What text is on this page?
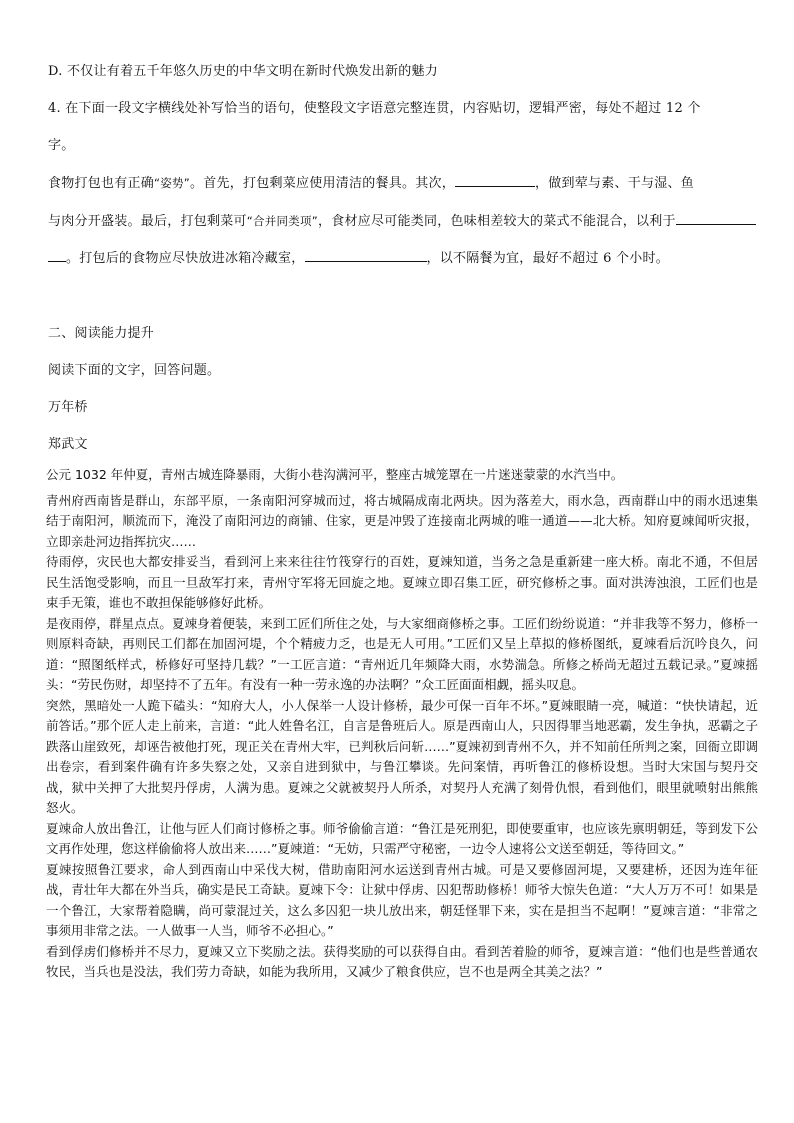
D. 不仅让有着五千年悠久历史的中华文明在新时代焕发出新的魅力
4. 在下面一段文字横线处补写恰当的语句，使整段文字语意完整连贯，内容贴切，逻辑严密，每处不超过 12 个
字。
食物打包也有正确“姿势”。首先，打包剩菜应使用清洁的餐具。其次，	，做到荤与素、干与湿、鱼
与肉分开盛装。最后，打包剩菜可“合并同类项”，食材应尽可能类同，色味相差较大的菜式不能混合，以利于
。打包后的食物应尽快放进冰箱冷藏室，	，以不隔餐为宜，最好不超过 6 个小时。
二、阅读能力提升
阅读下面的文字，回答问题。
万年桥
郑武文

公元 1032 年仲夏，青州古城连降暴雨，大街小巷沟满河平，整座古城笼罩在一片迷迷蒙蒙的水汽当中。

青州府西南皆是群山，东部平原，一条南阳河穿城而过，将古城隔成南北两块。因为落差大，雨水急，西南群山中的雨水迅速集结于南阳河，顺流而下，淹没了南阳河边的商铺、住家，更是冲毁了连接南北两城的唯一通道——北大桥。知府夏竦闻听灾报，立即亲赴河边指挥抗灾……

待雨停，灾民也大都安排妥当，看到河上来来往往竹筏穿行的百姓，夏竦知道，当务之急是重新建一座大桥。南北不通，不但居民生活饱受影响，而且一旦敌军打来，青州守军将无回旋之地。夏竦立即召集工匠，研究修桥之事。面对洪涛浊浪，工匠们也是束手无策，谁也不敢担保能够修好此桥。

是夜雨停，群星点点。夏竦身着便装，来到工匠们所住之处，与大家细商修桥之事。工匠们纷纷说道：“并非我等不努力，修桥一则原料奇缺，再则民工们都在加固河堤，个个精疲力乏，也是无人可用。”工匠们又呈上草拟的修桥图纸，夏竦看后沉吟良久，问道：“照图纸样式，桥修好可坚持几载？”一工匠言道：“青州近几年频降大雨，水势湍急。所修之桥尚无超过五载记录。”夏竦摇头：“劳民伤财，却坚持不了五年。有没有一种一劳永逸的办法啊？”众工匠面面相觑，摇头叹息。

突然，黑暗处一人跪下磕头：“知府大人，小人保举一人设计修桥，最少可保一百年不坏。”夏竦眼睛一亮，喊道：“快快请起，近前答话。”那个匠人走上前来，言道：“此人姓鲁名江，自言是鲁班后人。原是西南山人，只因得罪当地恶霸，发生争执，恶霸之子跌落山崖致死，却诬告被他打死，现正关在青州大牢，已判秋后问斩……”夏竦初到青州不久，并不知前任所判之案，回衙立即调出卷宗，看到案件确有许多失察之处，又亲自进到狱中，与鲁江攀谈。先问案情，再听鲁江的修桥设想。当时大宋国与契丹交战，狱中关押了大批契丹俘虏，人满为患。夏竦之父就被契丹人所杀，对契丹人充满了刻骨仇恨，看到他们，眼里就喷射出熊熊怒火。

夏竦命人放出鲁江，让他与匠人们商讨修桥之事。师爷偷偷言道：“鲁江是死刑犯，即使要重审，也应该先禀明朝廷，等到发下公文再作处理，您这样偷偷将人放出来……”夏竦道：“无妨，只需严守秘密，一边令人速将公文送至朝廷，等待回文。”

夏竦按照鲁江要求，命人到西南山中采伐大树，借助南阳河水运送到青州古城。可是又要修固河堤，又要建桥，还因为连年征战，青壮年大都在外当兵，确实是民工奇缺。夏竦下令：让狱中俘虏、囚犯帮助修桥！师爷大惊失色道：“大人万万不可！如果是一个鲁江，大家帮着隐瞒，尚可蒙混过关，这么多囚犯一块儿放出来，朝廷怪罪下来，实在是担当不起啊！”夏竦言道：“非常之事须用非常之法。一人做事一人当，师爷不必担心。”

看到俘虏们修桥并不尽力，夏竦又立下奖励之法。获得奖励的可以获得自由。看到苦着脸的师爷，夏竦言道：“他们也是些普通农牧民，当兵也是没法，我们劳力奇缺，如能为我所用，又减少了粮食供应，岂不也是两全其美之法？”
